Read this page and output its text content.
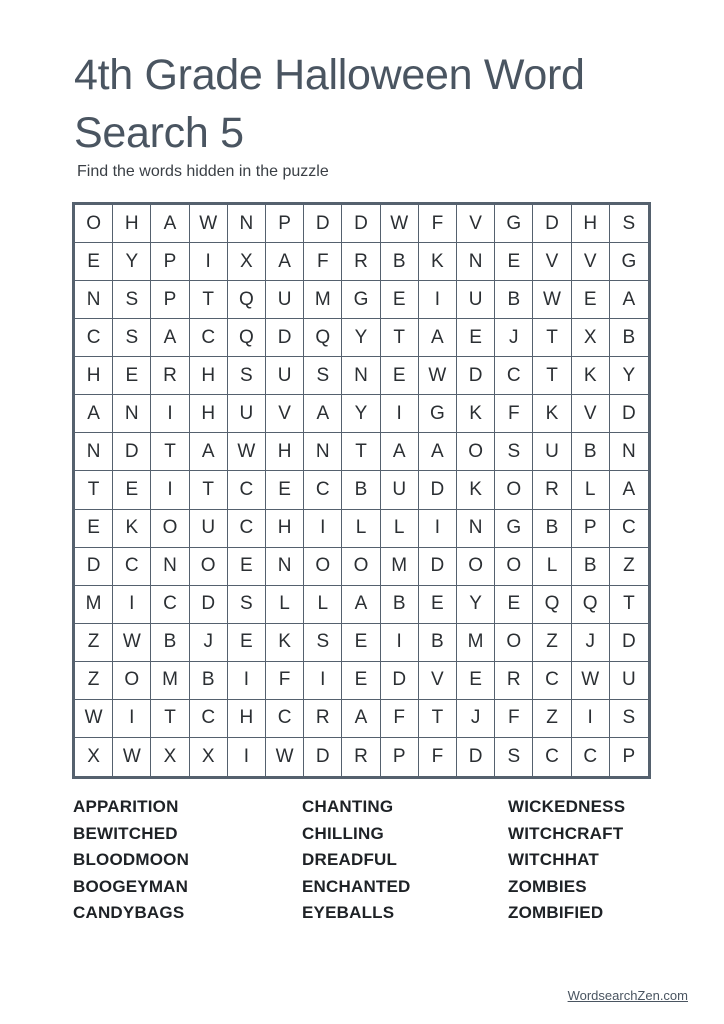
4th Grade Halloween Word Search 5
Find the words hidden in the puzzle
O	H	A	W	N	P	D	D	W	F	V	G	D	H	S
E	Y	P	I	X	A	F	R	B	K	N	E	V	V	G
N	S	P	T	Q	U	M	G	E	I	U	B	W	E	A
C	S	A	C	Q	D	Q	Y	T	A	E	J	T	X	B
H	E	R	H	S	U	S	N	E	W	D	C	T	K	Y
A	N	I	H	U	V	A	Y	I	G	K	F	K	V	D
N	D	T	A	W	H	N	T	A	A	O	S	U	B	N
T	E	I	T	C	E	C	B	U	D	K	O	R	L	A
E	K	O	U	C	H	I	L	L	I	N	G	B	P	C
D	C	N	O	E	N	O	O	M	D	O	O	L	B	Z
M	I	C	D	S	L	L	A	B	E	Y	E	Q	Q	T
Z	W	B	J	E	K	S	E	I	B	M	O	Z	J	D
Z	O	M	B	I	F	I	E	D	V	E	R	C	W	U
W	I	T	C	H	C	R	A	F	T	J	F	Z	I	S
X	W	X	X	I	W	D	R	P	F	D	S	C	C	P
APPARITION
BEWITCHED
BLOODMOON
BOOGEYMAN
CANDYBAGS
CHANTING
CHILLING
DREADFUL
ENCHANTED
EYEBALLS
WICKEDNESS
WITCHCRAFT
WITCHHAT
ZOMBIES
ZOMBIFIED
WordsearchZen.com
